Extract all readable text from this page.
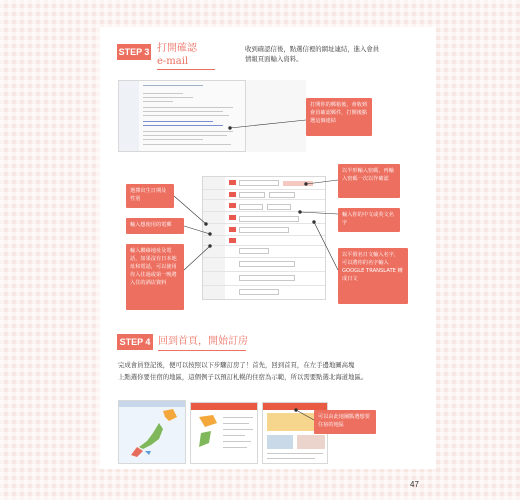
STEP 3 打開確認
e-mail
收到確認信後，點選信裡的網址連結，進入會員
情報頁面輸入資料。
打開你的郵箱後，會收到會員確認郵件，打開後點選這個連結
選擇出生日期及性別
輸入想使用的電郵
輸入聯絡地址及電話，如果沒有日本地址和電話，可以使用你入住過或第一晚將入住的酒店資料
以半形輸入密碼，再輸入密碼一次以作確認
輸入你的中文或英文名字
以平假名日文輸入名字，可以將你的名字輸入 GOOGLE TRANSLATE 轉成日文
STEP 4 回到首頁，開始訂房
完成會員登記後，便可以按照以下步驟訂房了！首先，回到首頁，在左手邊地圖高塊
上點選你要住宿的地區，這個例子以預訂札幌的住宿為示範，所以需要點選北海道地區。
可以由此地圖點選想要住宿的地區
47
